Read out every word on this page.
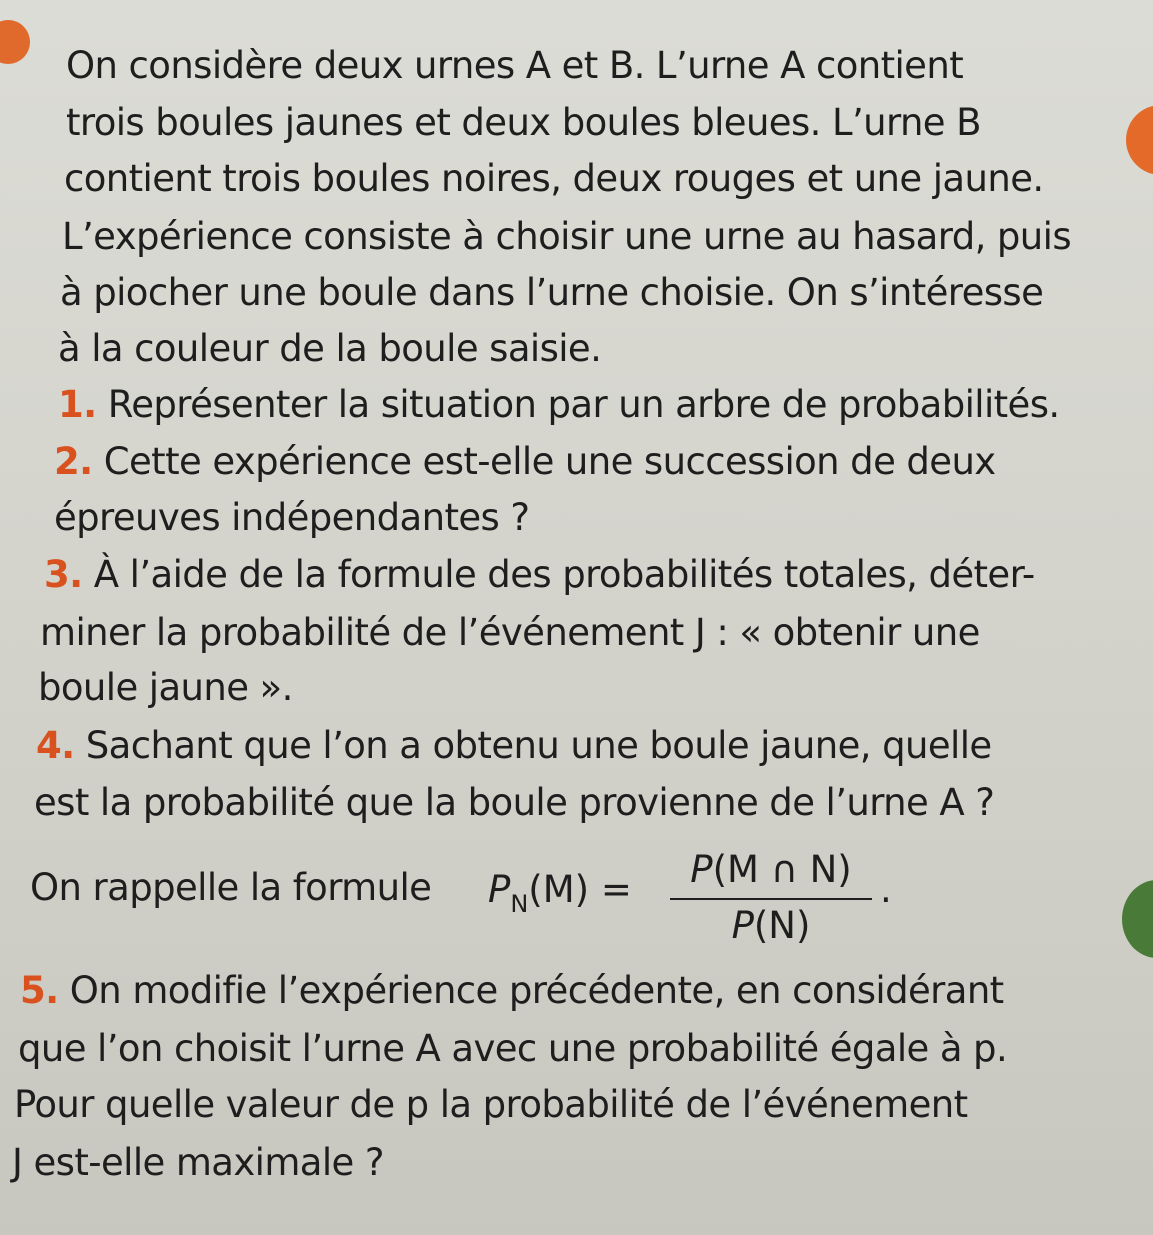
On considère deux urnes A et B. L’urne A contient
trois boules jaunes et deux boules bleues. L’urne B
contient trois boules noires, deux rouges et une jaune.
L’expérience consiste à choisir une urne au hasard, puis
à piocher une boule dans l’urne choisie. On s’intéresse
à la couleur de la boule saisie.
1. Représenter la situation par un arbre de probabilités.
2. Cette expérience est-elle une succession de deux
épreuves indépendantes ?
3. À l’aide de la formule des probabilités totales, déter-
miner la probabilité de l’événement J : « obtenir une
boule jaune ».
4. Sachant que l’on a obtenu une boule jaune, quelle
est la probabilité que la boule provienne de l’urne A ?
On rappelle la formule $P_N(M)$ =	P(M ∩ N)
P(N)
.
5. On modifie l’expérience précédente, en considérant
que l’on choisit l’urne A avec une probabilité égale à p.
Pour quelle valeur de p la probabilité de l’événement
J est-elle maximale ?
